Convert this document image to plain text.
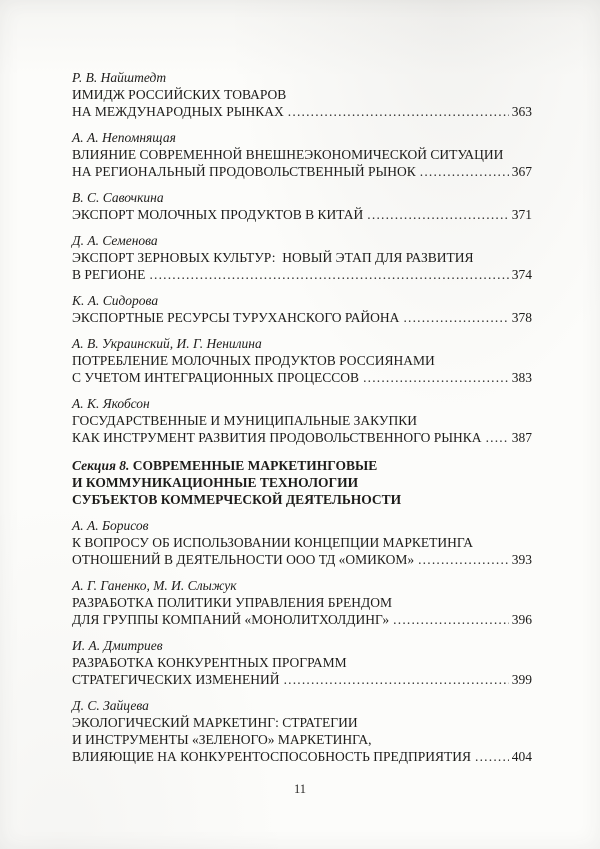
Р. В. Найштедт
ИМИДЖ РОССИЙСКИХ ТОВАРОВ
НА МЕЖДУНАРОДНЫХ РЫНКАХ .....	363
А. А. Непомнящая
ВЛИЯНИЕ СОВРЕМЕННОЙ ВНЕШНЕЭКОНОМИЧЕСКОЙ СИТУАЦИИ
НА РЕГИОНАЛЬНЫЙ ПРОДОВОЛЬСТВЕННЫЙ РЫНОК .....	367
В. С. Савочкина
ЭКСПОРТ МОЛОЧНЫХ ПРОДУКТОВ В КИТАЙ .....	371
Д. А. Семенова
ЭКСПОРТ ЗЕРНОВЫХ КУЛЬТУР:  НОВЫЙ ЭТАП ДЛЯ РАЗВИТИЯ
В РЕГИОНЕ .....	374
К. А. Сидорова
ЭКСПОРТНЫЕ РЕСУРСЫ ТУРУХАНСКОГО РАЙОНА .....	378
А. В. Украинский, И. Г. Ненилина
ПОТРЕБЛЕНИЕ МОЛОЧНЫХ ПРОДУКТОВ РОССИЯНАМИ
С УЧЕТОМ ИНТЕГРАЦИОННЫХ ПРОЦЕССОВ .....	383
А. К. Якобсон
ГОСУДАРСТВЕННЫЕ И МУНИЦИПАЛЬНЫЕ ЗАКУПКИ
КАК ИНСТРУМЕНТ РАЗВИТИЯ ПРОДОВОЛЬСТВЕННОГО РЫНКА ..... 387
Секция 8. СОВРЕМЕННЫЕ МАРКЕТИНГОВЫЕ
И КОММУНИКАЦИОННЫЕ ТЕХНОЛОГИИ
СУБЪЕКТОВ КОММЕРЧЕСКОЙ ДЕЯТЕЛЬНОСТИ
А. А. Борисов
К ВОПРОСУ ОБ ИСПОЛЬЗОВАНИИ КОНЦЕПЦИИ МАРКЕТИНГА
ОТНОШЕНИЙ В ДЕЯТЕЛЬНОСТИ ООО ТД «ОМИКОМ» .....	393
А. Г. Ганенко, М. И. Слыжук
РАЗРАБОТКА ПОЛИТИКИ УПРАВЛЕНИЯ БРЕНДОМ
ДЛЯ ГРУППЫ КОМПАНИЙ «МОНОЛИТХОЛДИНГ» .....	396
И. А. Дмитриев
РАЗРАБОТКА КОНКУРЕНТНЫХ ПРОГРАММ
СТРАТЕГИЧЕСКИХ ИЗМЕНЕНИЙ .....	399
Д. С. Зайцева
ЭКОЛОГИЧЕСКИЙ МАРКЕТИНГ: СТРАТЕГИИ
И ИНСТРУМЕНТЫ «ЗЕЛЕНОГО» МАРКЕТИНГА,
ВЛИЯЮЩИЕ НА КОНКУРЕНТОСПОСОБНОСТЬ ПРЕДПРИЯТИЯ .....	404
11
